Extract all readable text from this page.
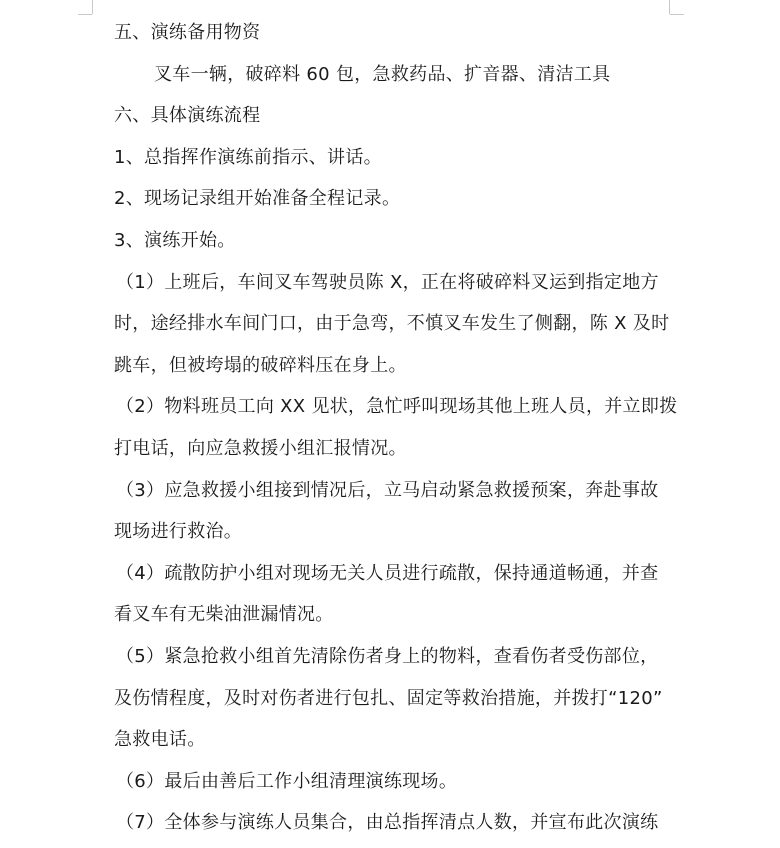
五、演练备用物资
叉车一辆，破碎料 60 包，急救药品、扩音器、清洁工具
六、具体演练流程
1、总指挥作演练前指示、讲话。
2、现场记录组开始准备全程记录。
3、演练开始。
（1）上班后，车间叉车驾驶员陈 X，正在将破碎料叉运到指定地方
时，途经排水车间门口，由于急弯，不慎叉车发生了侧翻，陈 X 及时
跳车，但被垮塌的破碎料压在身上。
（2）物料班员工向 XX 见状，急忙呼叫现场其他上班人员，并立即拨
打电话，向应急救援小组汇报情况。
（3）应急救援小组接到情况后，立马启动紧急救援预案，奔赴事故
现场进行救治。
（4）疏散防护小组对现场无关人员进行疏散，保持通道畅通，并查
看叉车有无柴油泄漏情况。
（5）紧急抢救小组首先清除伤者身上的物料，查看伤者受伤部位，
及伤情程度，及时对伤者进行包扎、固定等救治措施，并拨打“120”
急救电话。
（6）最后由善后工作小组清理演练现场。
（7）全体参与演练人员集合，由总指挥清点人数，并宣布此次演练
